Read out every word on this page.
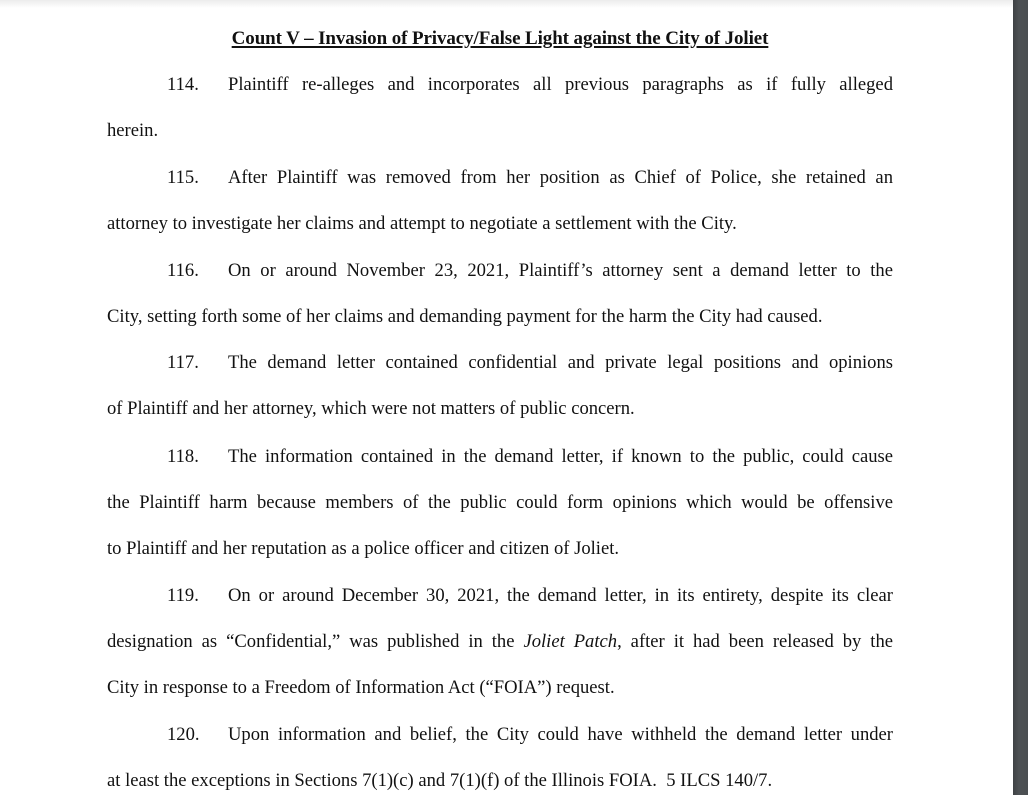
Count V – Invasion of Privacy/False Light against the City of Joliet
114. Plaintiff re-alleges and incorporates all previous paragraphs as if fully alleged
herein.
115. After Plaintiff was removed from her position as Chief of Police, she retained an
attorney to investigate her claims and attempt to negotiate a settlement with the City.
116. On or around November 23, 2021, Plaintiff’s attorney sent a demand letter to the
City, setting forth some of her claims and demanding payment for the harm the City had caused.
117. The demand letter contained confidential and private legal positions and opinions
of Plaintiff and her attorney, which were not matters of public concern.
118. The information contained in the demand letter, if known to the public, could cause
the Plaintiff harm because members of the public could form opinions which would be offensive
to Plaintiff and her reputation as a police officer and citizen of Joliet.
119. On or around December 30, 2021, the demand letter, in its entirety, despite its clear
designation as “Confidential,” was published in the Joliet Patch, after it had been released by the
City in response to a Freedom of Information Act (“FOIA”) request.
120. Upon information and belief, the City could have withheld the demand letter under
at least the exceptions in Sections 7(1)(c) and 7(1)(f) of the Illinois FOIA.  5 ILCS 140/7.
